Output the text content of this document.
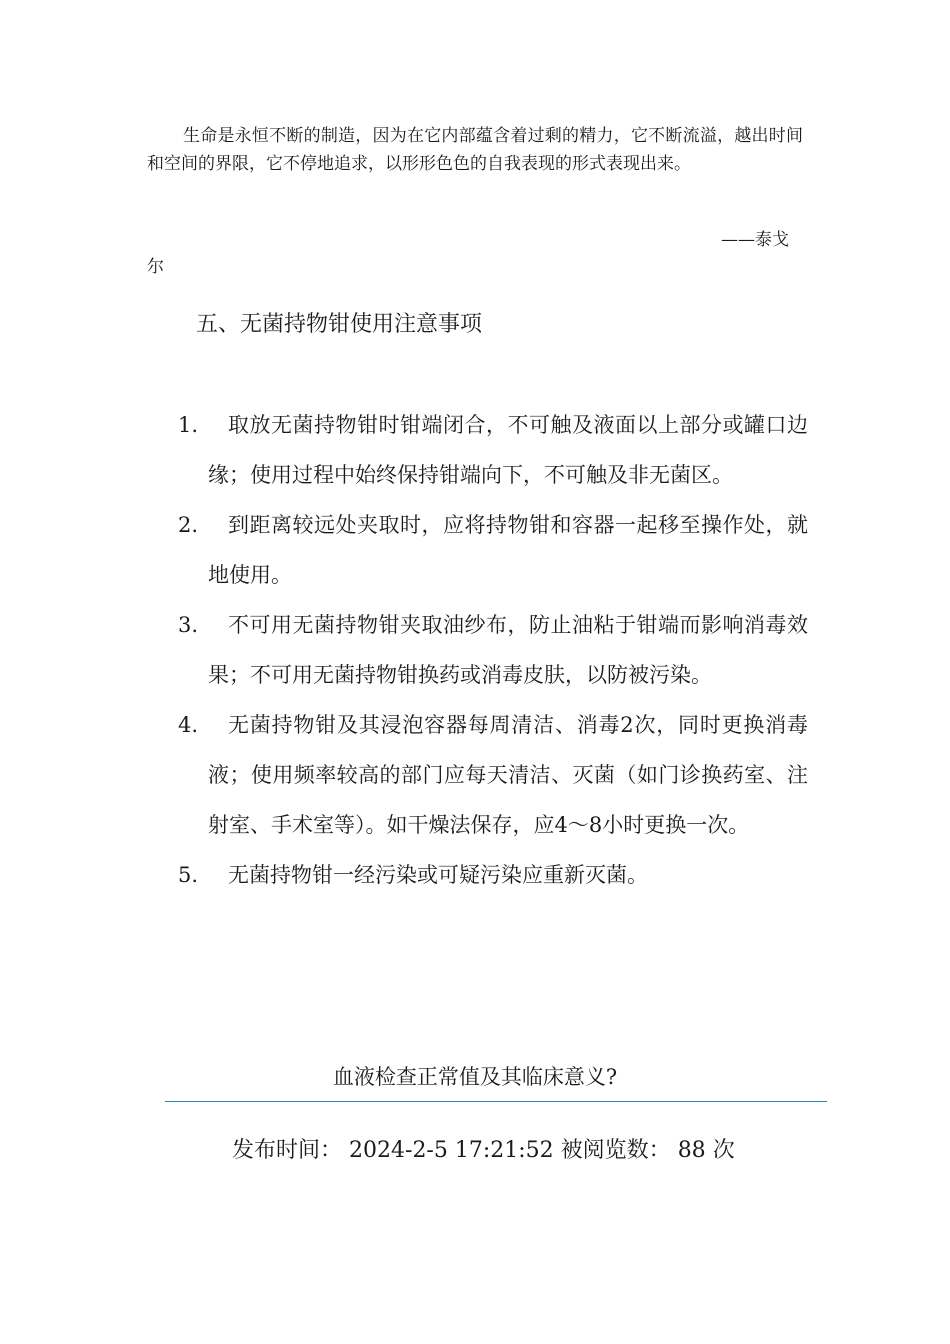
生命是永恒不断的制造，因为在它内部蕴含着过剩的精力，它不断流溢，越出时间和空间的界限，它不停地追求，以形形色色的自我表现的形式表现出来。
——泰戈
尔
五、无菌持物钳使用注意事项
1.	取放无菌持物钳时钳端闭合，不可触及液面以上部分或罐口边缘；使用过程中始终保持钳端向下，不可触及非无菌区。
2.	到距离较远处夹取时，应将持物钳和容器一起移至操作处，就地使用。
3.	不可用无菌持物钳夹取油纱布，防止油粘于钳端而影响消毒效果；不可用无菌持物钳换药或消毒皮肤，以防被污染。
4.	无菌持物钳及其浸泡容器每周清洁、消毒2次，同时更换消毒液；使用频率较高的部门应每天清洁、灭菌（如门诊换药室、注射室、手术室等）。如干燥法保存，应4～8小时更换一次。
5.	无菌持物钳一经污染或可疑污染应重新灭菌。
血液检查正常值及其临床意义?
发布时间： 2024-2-5 17:21:52 被阅览数： 88 次
